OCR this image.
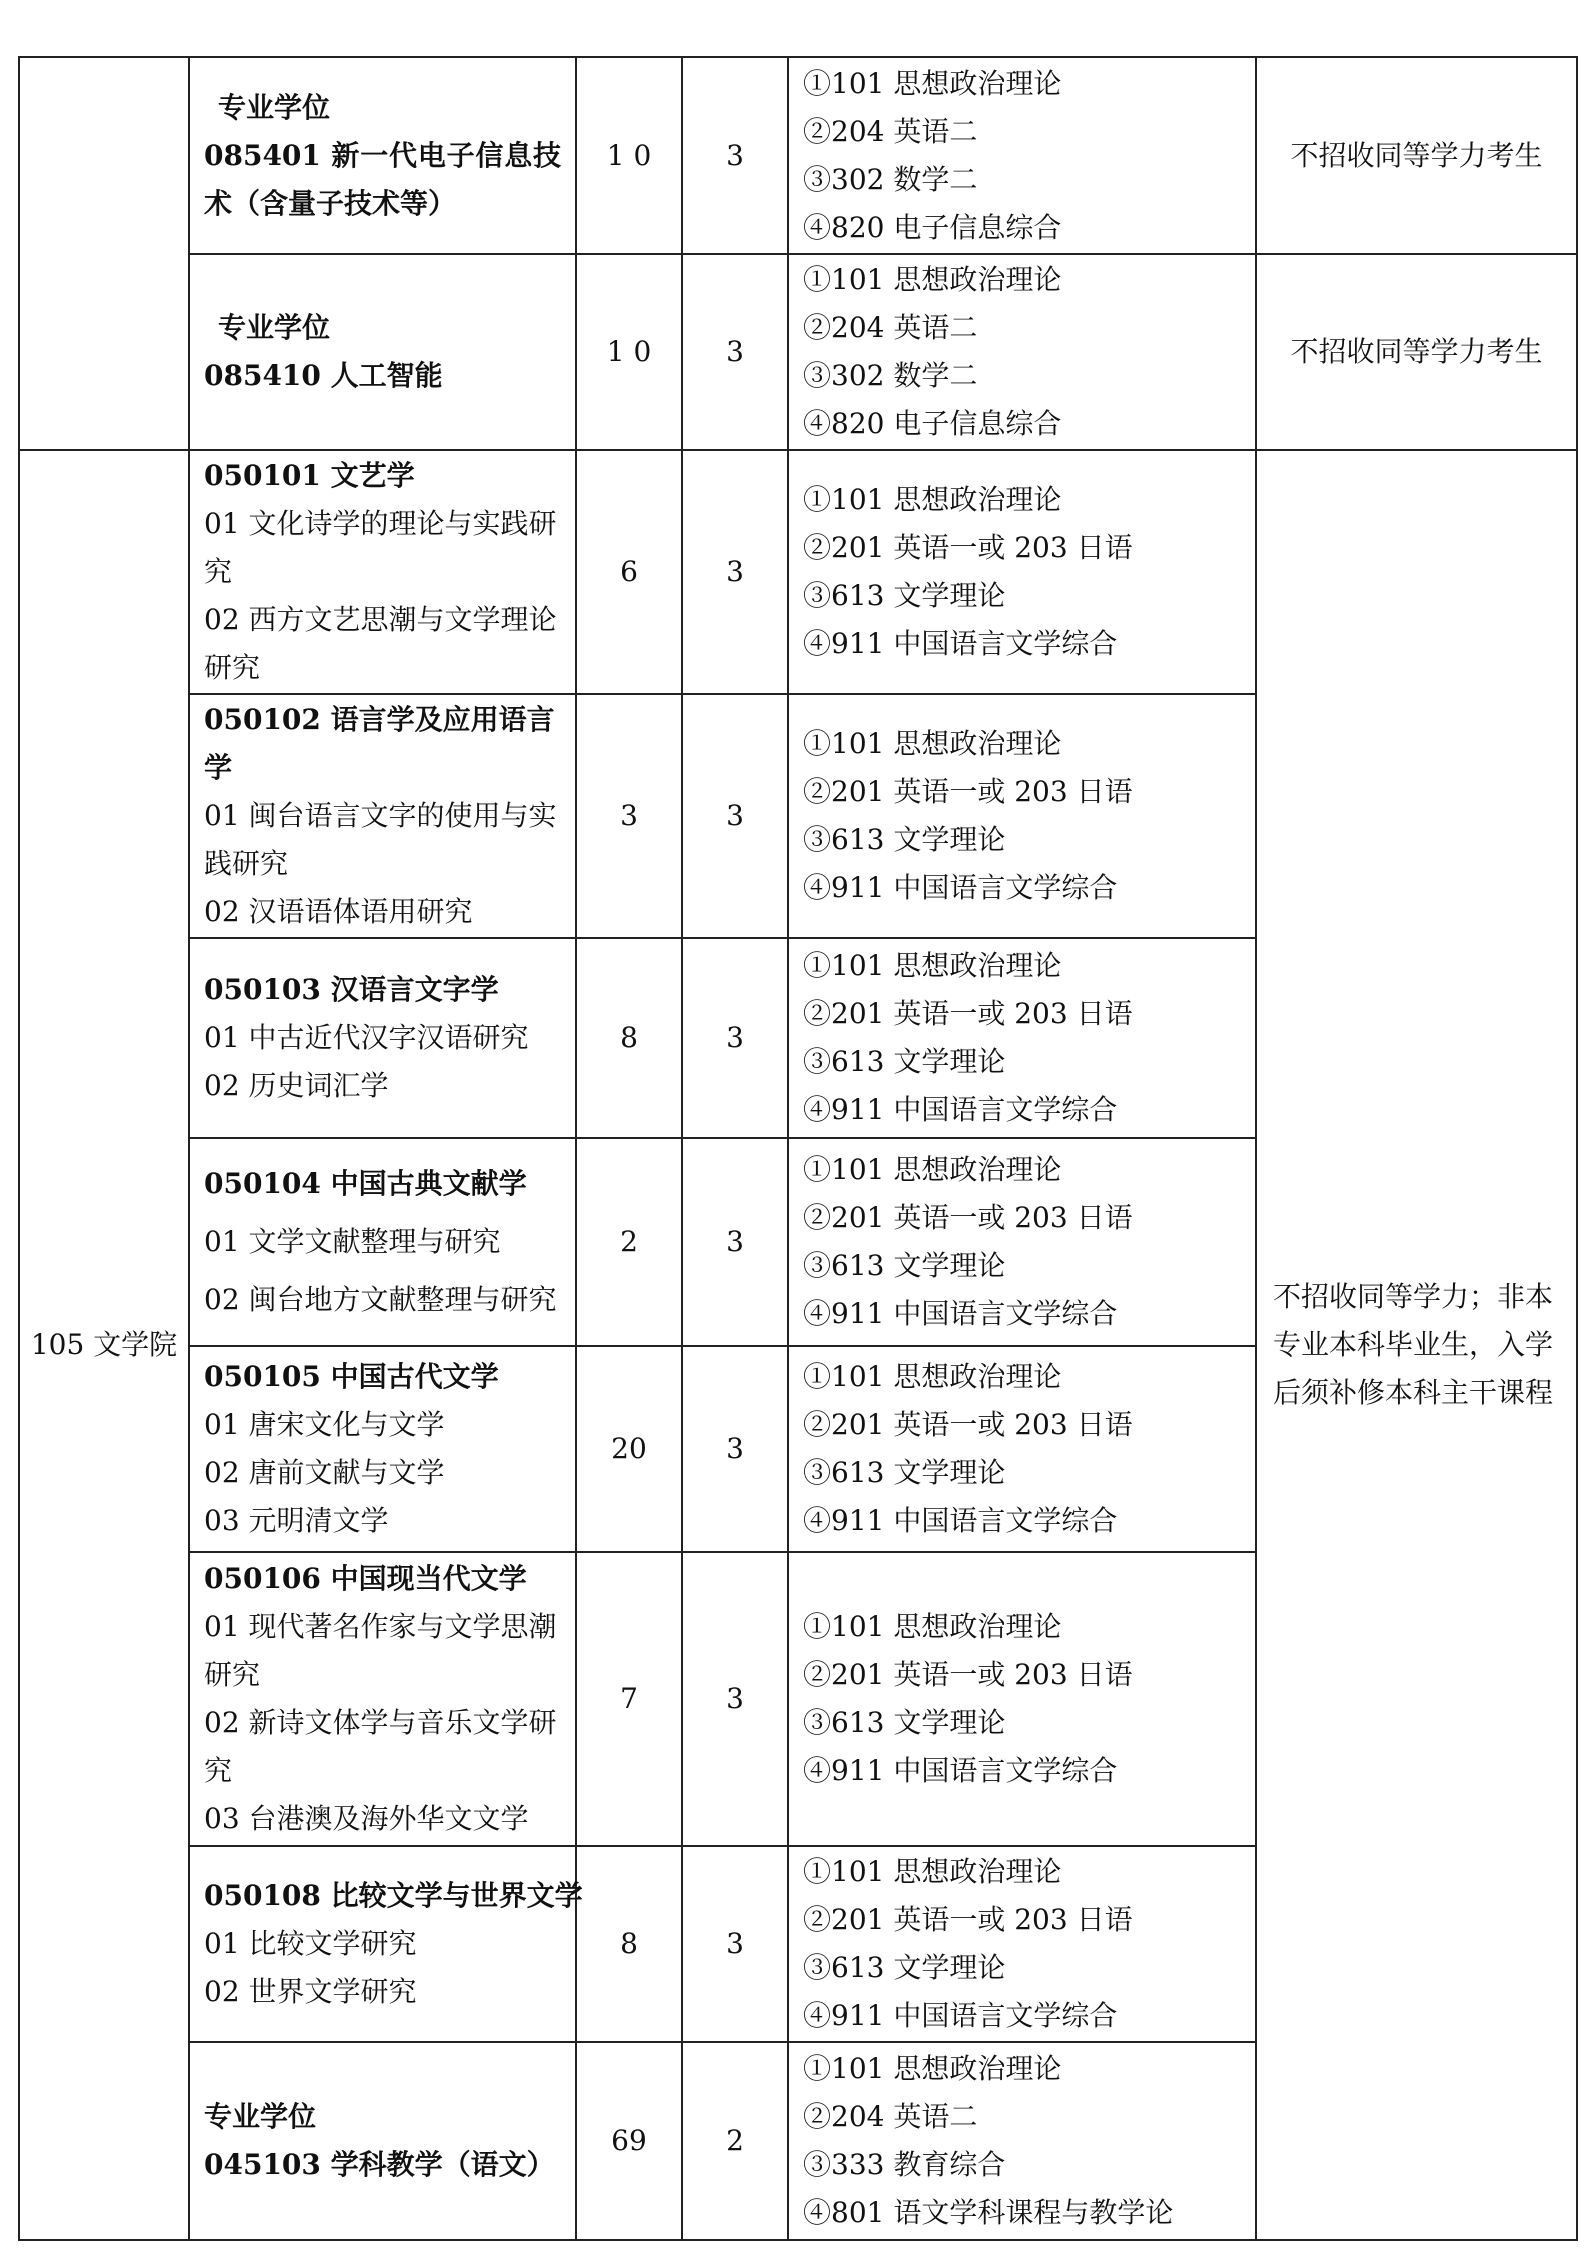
	专业学位
085401 新一代电子信息技
术（含量子技术等）	1 0	3	①101 思想政治理论
②204 英语二
③302 数学二
④820 电子信息综合	不招收同等学力考生

	专业学位
085410 人工智能	1 0	3	①101 思想政治理论
②204 英语二
③302 数学二
④820 电子信息综合	不招收同等学力考生
105 文学院	050101 文艺学
01 文化诗学的理论与实践研究
02 西方文艺思潮与文学理论研究	6	3	①101 思想政治理论
②201 英语一或 203 日语
③613 文学理论
④911 中国语言文学综合	不招收同等学力；非本专业本科毕业生，入学后须补修本科主干课程

	050102 语言学及应用语言学
01 闽台语言文字的使用与实践研究
02 汉语语体语用研究	3	3	①101 思想政治理论
②201 英语一或 203 日语
③613 文学理论
④911 中国语言文学综合	

	050103 汉语言文字学
01 中古近代汉字汉语研究
02 历史词汇学	8	3	①101 思想政治理论
②201 英语一或 203 日语
③613 文学理论
④911 中国语言文学综合	

	050104 中国古典文献学
01 文学文献整理与研究
02 闽台地方文献整理与研究	2	3	①101 思想政治理论
②201 英语一或 203 日语
③613 文学理论
④911 中国语言文学综合	

	050105 中国古代文学
01 唐宋文化与文学
02 唐前文献与文学
03 元明清文学	20	3	①101 思想政治理论
②201 英语一或 203 日语
③613 文学理论
④911 中国语言文学综合	

	050106 中国现当代文学
01 现代著名作家与文学思潮研究
02 新诗文体学与音乐文学研究
03 台港澳及海外华文文学	7	3	①101 思想政治理论
②201 英语一或 203 日语
③613 文学理论
④911 中国语言文学综合	

	050108 比较文学与世界文学
01 比较文学研究
02 世界文学研究	8	3	①101 思想政治理论
②201 英语一或 203 日语
③613 文学理论
④911 中国语言文学综合	

	专业学位
045103 学科教学（语文）	69	2	①101 思想政治理论
②204 英语二
③333 教育综合
④801 语文学科课程与教学论	
